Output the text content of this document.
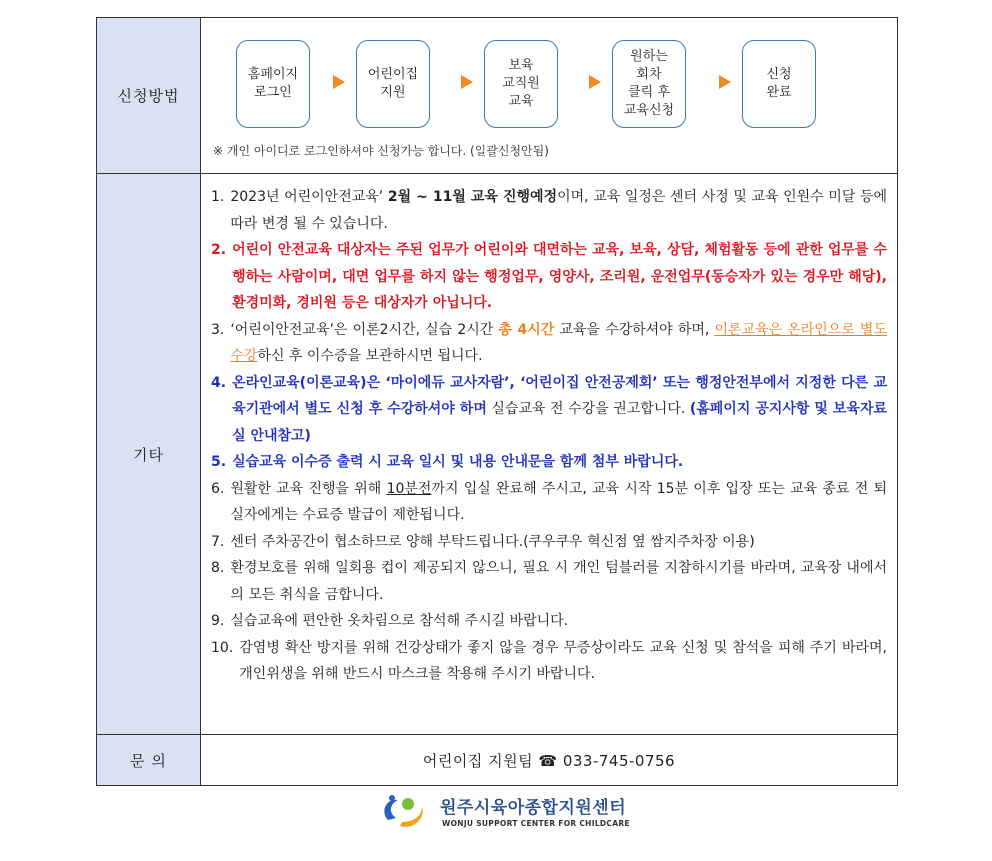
신청방법
홈페이지
로그인
어린이집
지원
보육
교직원
교육
원하는
회차
클릭 후
교육신청
신청
완료
※ 개인 아이디로 로그인하셔야 신청가능 합니다. (일괄신청안됨)
기타
1. 2023년 어린이안전교육’ 2월 ~ 11월 교육 진행예정이며, 교육 일정은 센터 사정 및 교육 인원수 미달 등에 따라 변경 될 수 있습니다.
2. 어린이 안전교육 대상자는 주된 업무가 어린이와 대면하는 교육, 보육, 상담, 체험활동 등에 관한 업무를 수행하는 사람이며, 대면 업무를 하지 않는 행정업무, 영양사, 조리원, 운전업무(동승자가 있는 경우만 해당), 환경미화, 경비원 등은 대상자가 아닙니다.
3. ‘어린이안전교육’은 이론2시간, 실습 2시간 총 4시간 교육을 수강하셔야 하며, 이론교육은 온라인으로 별도 수강하신 후 이수증을 보관하시면 됩니다.
4. 온라인교육(이론교육)은 ‘마이에듀 교사자람’, ‘어린이집 안전공제회’ 또는 행정안전부에서 지정한 다른 교육기관에서 별도 신청 후 수강하셔야 하며 실습교육 전 수강을 권고합니다. (홈페이지 공지사항 및 보육자료실 안내참고)
5. 실습교육 이수증 출력 시 교육 일시 및 내용 안내문을 함께 첨부 바랍니다.
6. 원활한 교육 진행을 위해 10분전까지 입실 완료해 주시고, 교육 시작 15분 이후 입장 또는 교육 종료 전 퇴실자에게는 수료증 발급이 제한됩니다.
7. 센터 주차공간이 협소하므로 양해 부탁드립니다.(쿠우쿠우 혁신점 옆 쌈지주차장 이용)
8. 환경보호를 위해 일회용 컵이 제공되지 않으니, 필요 시 개인 텀블러를 지참하시기를 바라며, 교육장 내에서의 모든 취식을 금합니다.
9. 실습교육에 편안한 옷차림으로 참석해 주시길 바랍니다.
10. 감염병 확산 방지를 위해 건강상태가 좋지 않을 경우 무증상이라도 교육 신청 및 참석을 피해 주기 바라며, 개인위생을 위해 반드시 마스크를 착용해 주시기 바랍니다.
문 의	어린이집 지원팀 ☎ 033-745-0756
원주시육아종합지원센터
WONJU SUPPORT CENTER FOR CHILDCARE
